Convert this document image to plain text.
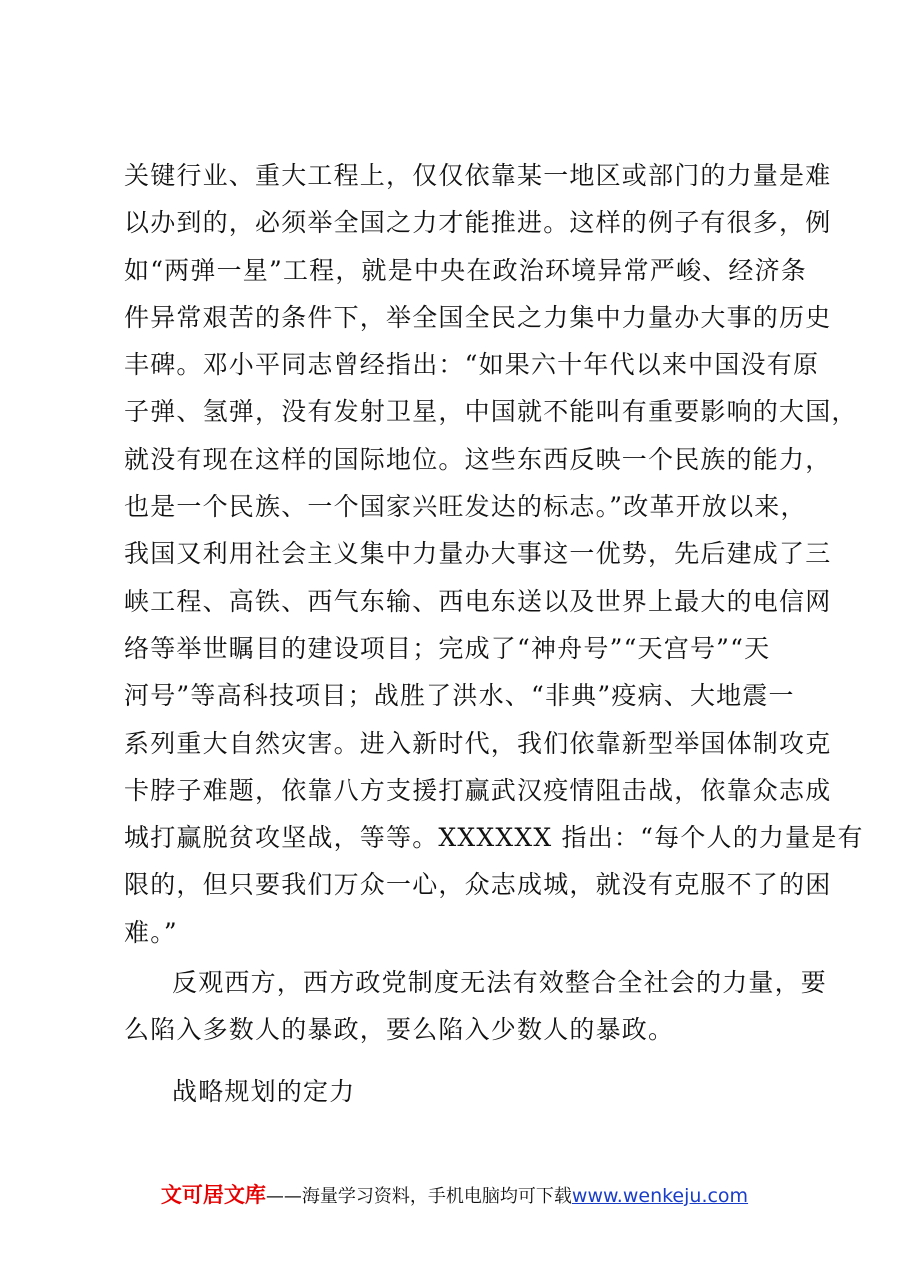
关键行业、重大工程上，仅仅依靠某一地区或部门的力量是难
以办到的，必须举全国之力才能推进。这样的例子有很多，例
如“两弹一星”工程，就是中央在政治环境异常严峻、经济条
件异常艰苦的条件下，举全国全民之力集中力量办大事的历史
丰碑。邓小平同志曾经指出：“如果六十年代以来中国没有原
子弹、氢弹，没有发射卫星，中国就不能叫有重要影响的大国，
就没有现在这样的国际地位。这些东西反映一个民族的能力，
也是一个民族、一个国家兴旺发达的标志。”改革开放以来，
我国又利用社会主义集中力量办大事这一优势，先后建成了三
峡工程、高铁、西气东输、西电东送以及世界上最大的电信网
络等举世瞩目的建设项目；完成了“神舟号”“天宫号”“天
河号”等高科技项目；战胜了洪水、“非典”疫病、大地震一
系列重大自然灾害。进入新时代，我们依靠新型举国体制攻克
卡脖子难题，依靠八方支援打赢武汉疫情阻击战，依靠众志成
城打赢脱贫攻坚战，等等。XXXXXX 指出：“每个人的力量是有
限的，但只要我们万众一心，众志成城，就没有克服不了的困
难。”
反观西方，西方政党制度无法有效整合全社会的力量，要
么陷入多数人的暴政，要么陷入少数人的暴政。
战略规划的定力
文可居文库——海量学习资料，手机电脑均可下载www.wenkeju.com
